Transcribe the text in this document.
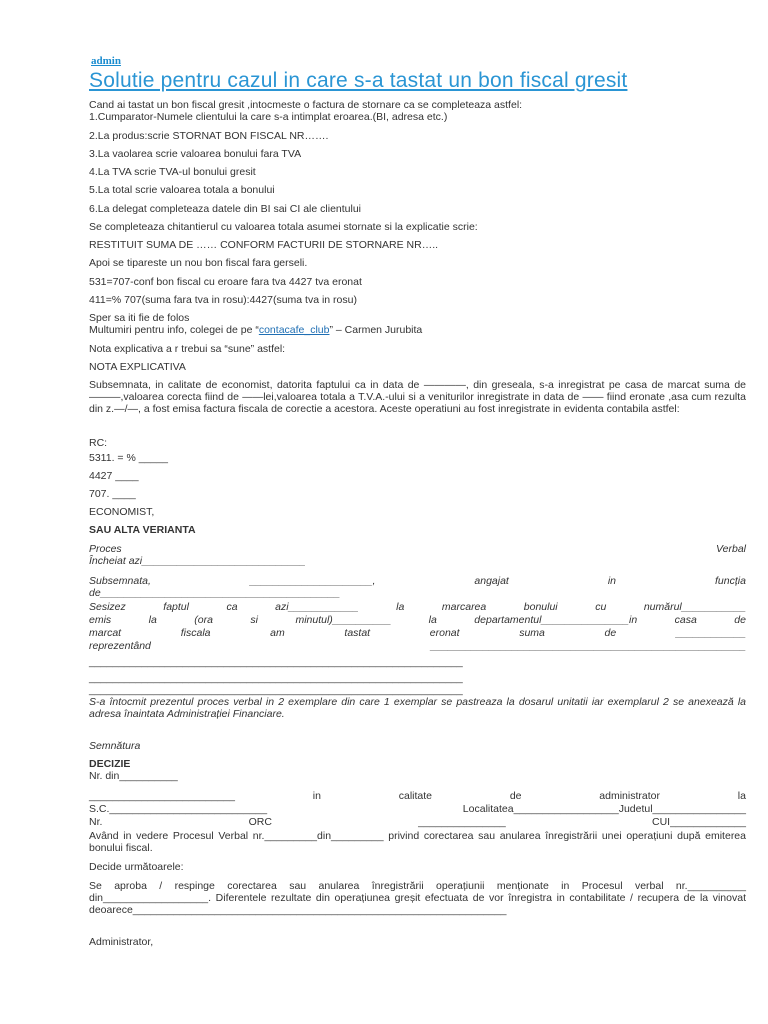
admin
Solutie pentru cazul in care s-a tastat un bon fiscal gresit
Cand ai tastat un bon fiscal gresit ,intocmeste o factura de stornare ca se completeaza astfel:
1.Cumparator-Numele clientului la care s-a intimplat eroarea.(BI, adresa etc.)
2.La produs:scrie STORNAT BON FISCAL NR…….
3.La vaolarea scrie valoarea bonului fara TVA
4.La TVA scrie TVA-ul bonului gresit
5.La total scrie valoarea totala a bonului
6.La delegat completeaza datele din BI sai CI ale clientului
Se completeaza chitantierul cu valoarea totala asumei stornate si la explicatie scrie:
RESTITUIT SUMA DE …… CONFORM FACTURII DE STORNARE NR…..
Apoi se tipareste un nou bon fiscal fara gerseli.
531=707-conf bon fiscal cu eroare fara tva 4427 tva eronat
411=% 707(suma fara tva in rosu):4427(suma tva in rosu)
Sper sa iti fie de folos
Multumiri pentru info, colegei de pe “contacafe_club” – Carmen Jurubita
Nota explicativa a r trebui sa “sune” astfel:
NOTA EXPLICATIVA
Subsemnata, in calitate de economist, datorita faptului ca in data de ————, din greseala, s-a inregistrat pe casa de marcat suma de ———,valoarea corecta fiind de ——lei,valoarea totala a T.V.A.-ului si a veniturilor inregistrate in data de —— fiind eronate ,asa cum rezulta din z.—/—, a fost emisa factura fiscala de corectie a acestora. Aceste operatiuni au fost inregistrate in evidenta contabila astfel:
RC:
5311. = % _____
4427 ____
707. ____
ECONOMIST,
SAU ALTA VERIANTA
Proces	Verbal
Încheiat azi____________________________
Subsemnata,	_____________________,	angajat	in	funcția
de_________________________________________
Sesizez	faptul	ca	azi____________	la	marcarea	bonului	cu	numărul___________
emis	la	(ora	si	minutul)__________	la	departamentul_______________in	casa	de
marcat	fiscala	am	tastat	eronat	suma	de	____________
reprezentând	______________________________________________________
________________________________________________________________
________________________________________________________________
________________________________________________________________
S-a întocmit prezentul proces verbal in 2 exemplare din care 1 exemplar se pastreaza la dosarul unitatii iar exemplarul 2 se anexează la adresa înaintata Administrației Financiare.
Semnătura
DECIZIE
Nr. din__________
_________________________	in	calitate	de	administrator	la
S.C.___________________________	Localitatea__________________Judetul________________
Nr.	ORC	_______________	CUI_____________
Având in vedere Procesul Verbal nr._________din_________ privind corectarea sau anularea înregistrării unei operațiuni după emiterea bonului fiscal.
Decide următoarele:
Se aproba / respinge corectarea sau anularea înregistrării operațiunii menționate in Procesul verbal nr.__________ din__________________. Diferentele rezultate din operațiunea greșit efectuata de vor înregistra in contabilitate / recupera de la vinovat deoarece________________________________________________________________
Administrator,
